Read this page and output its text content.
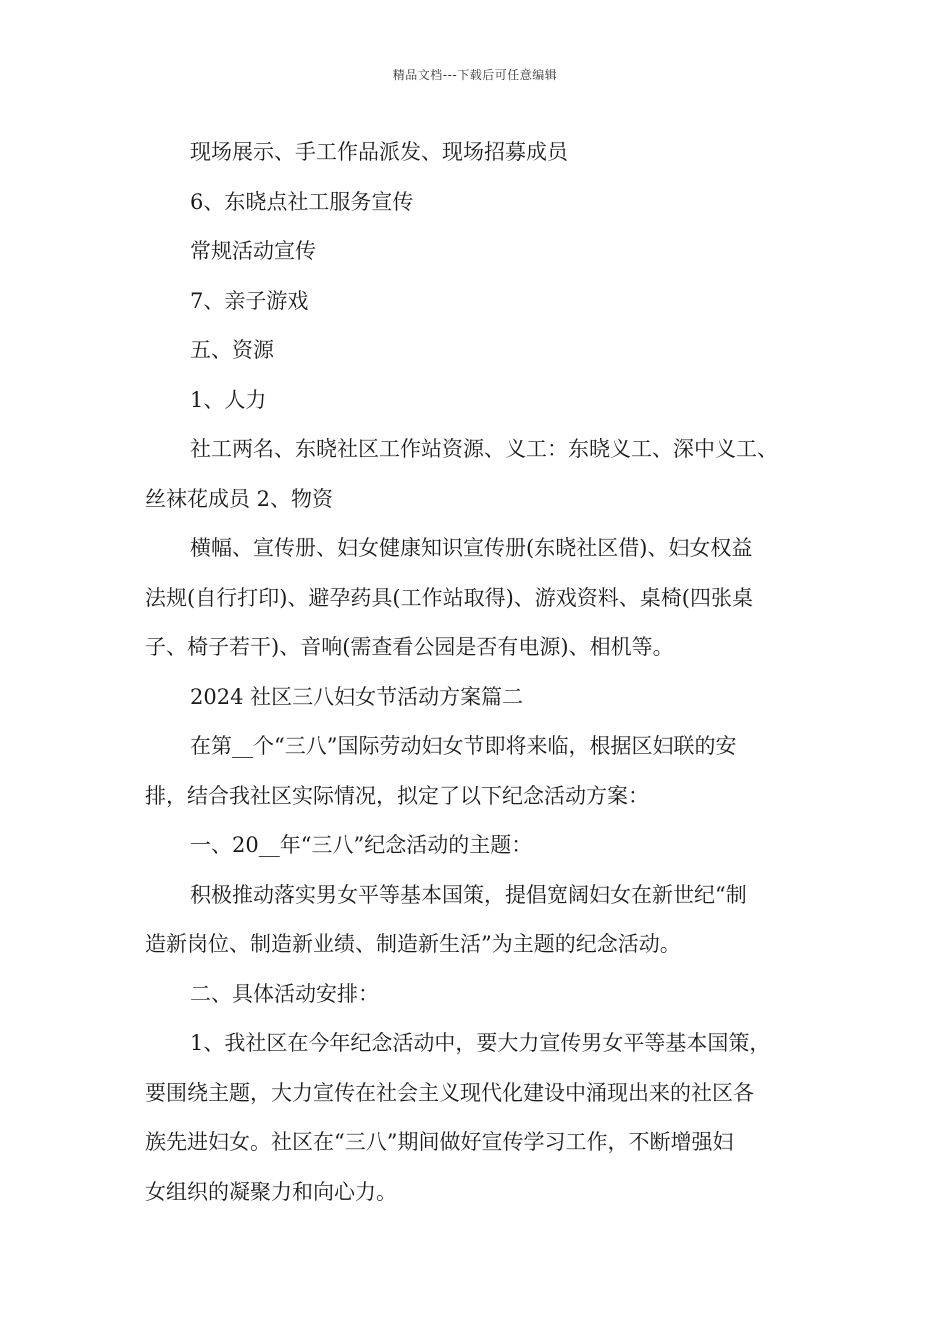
精品文档---下载后可任意编辑

现场展示、手工作品派发、现场招募成员

6、东晓点社工服务宣传

常规活动宣传

7、亲子游戏

五、资源

1、人力

社工两名、东晓社区工作站资源、义工：东晓义工、深中义工、

丝袜花成员 2、物资

横幅、宣传册、妇女健康知识宣传册(东晓社区借)、妇女权益

法规(自行打印)、避孕药具(工作站取得)、游戏资料、桌椅(四张桌

子、椅子若干)、音响(需查看公园是否有电源)、相机等。

2024 社区三八妇女节活动方案篇二

在第__个“三八”国际劳动妇女节即将来临，根据区妇联的安

排，结合我社区实际情况，拟定了以下纪念活动方案：

一、20__年“三八”纪念活动的主题：

积极推动落实男女平等基本国策，提倡宽阔妇女在新世纪“制

造新岗位、制造新业绩、制造新生活”为主题的纪念活动。

二、具体活动安排：

1、我社区在今年纪念活动中，要大力宣传男女平等基本国策，

要围绕主题，大力宣传在社会主义现代化建设中涌现出来的社区各

族先进妇女。社区在“三八”期间做好宣传学习工作，不断增强妇

女组织的凝聚力和向心力。
